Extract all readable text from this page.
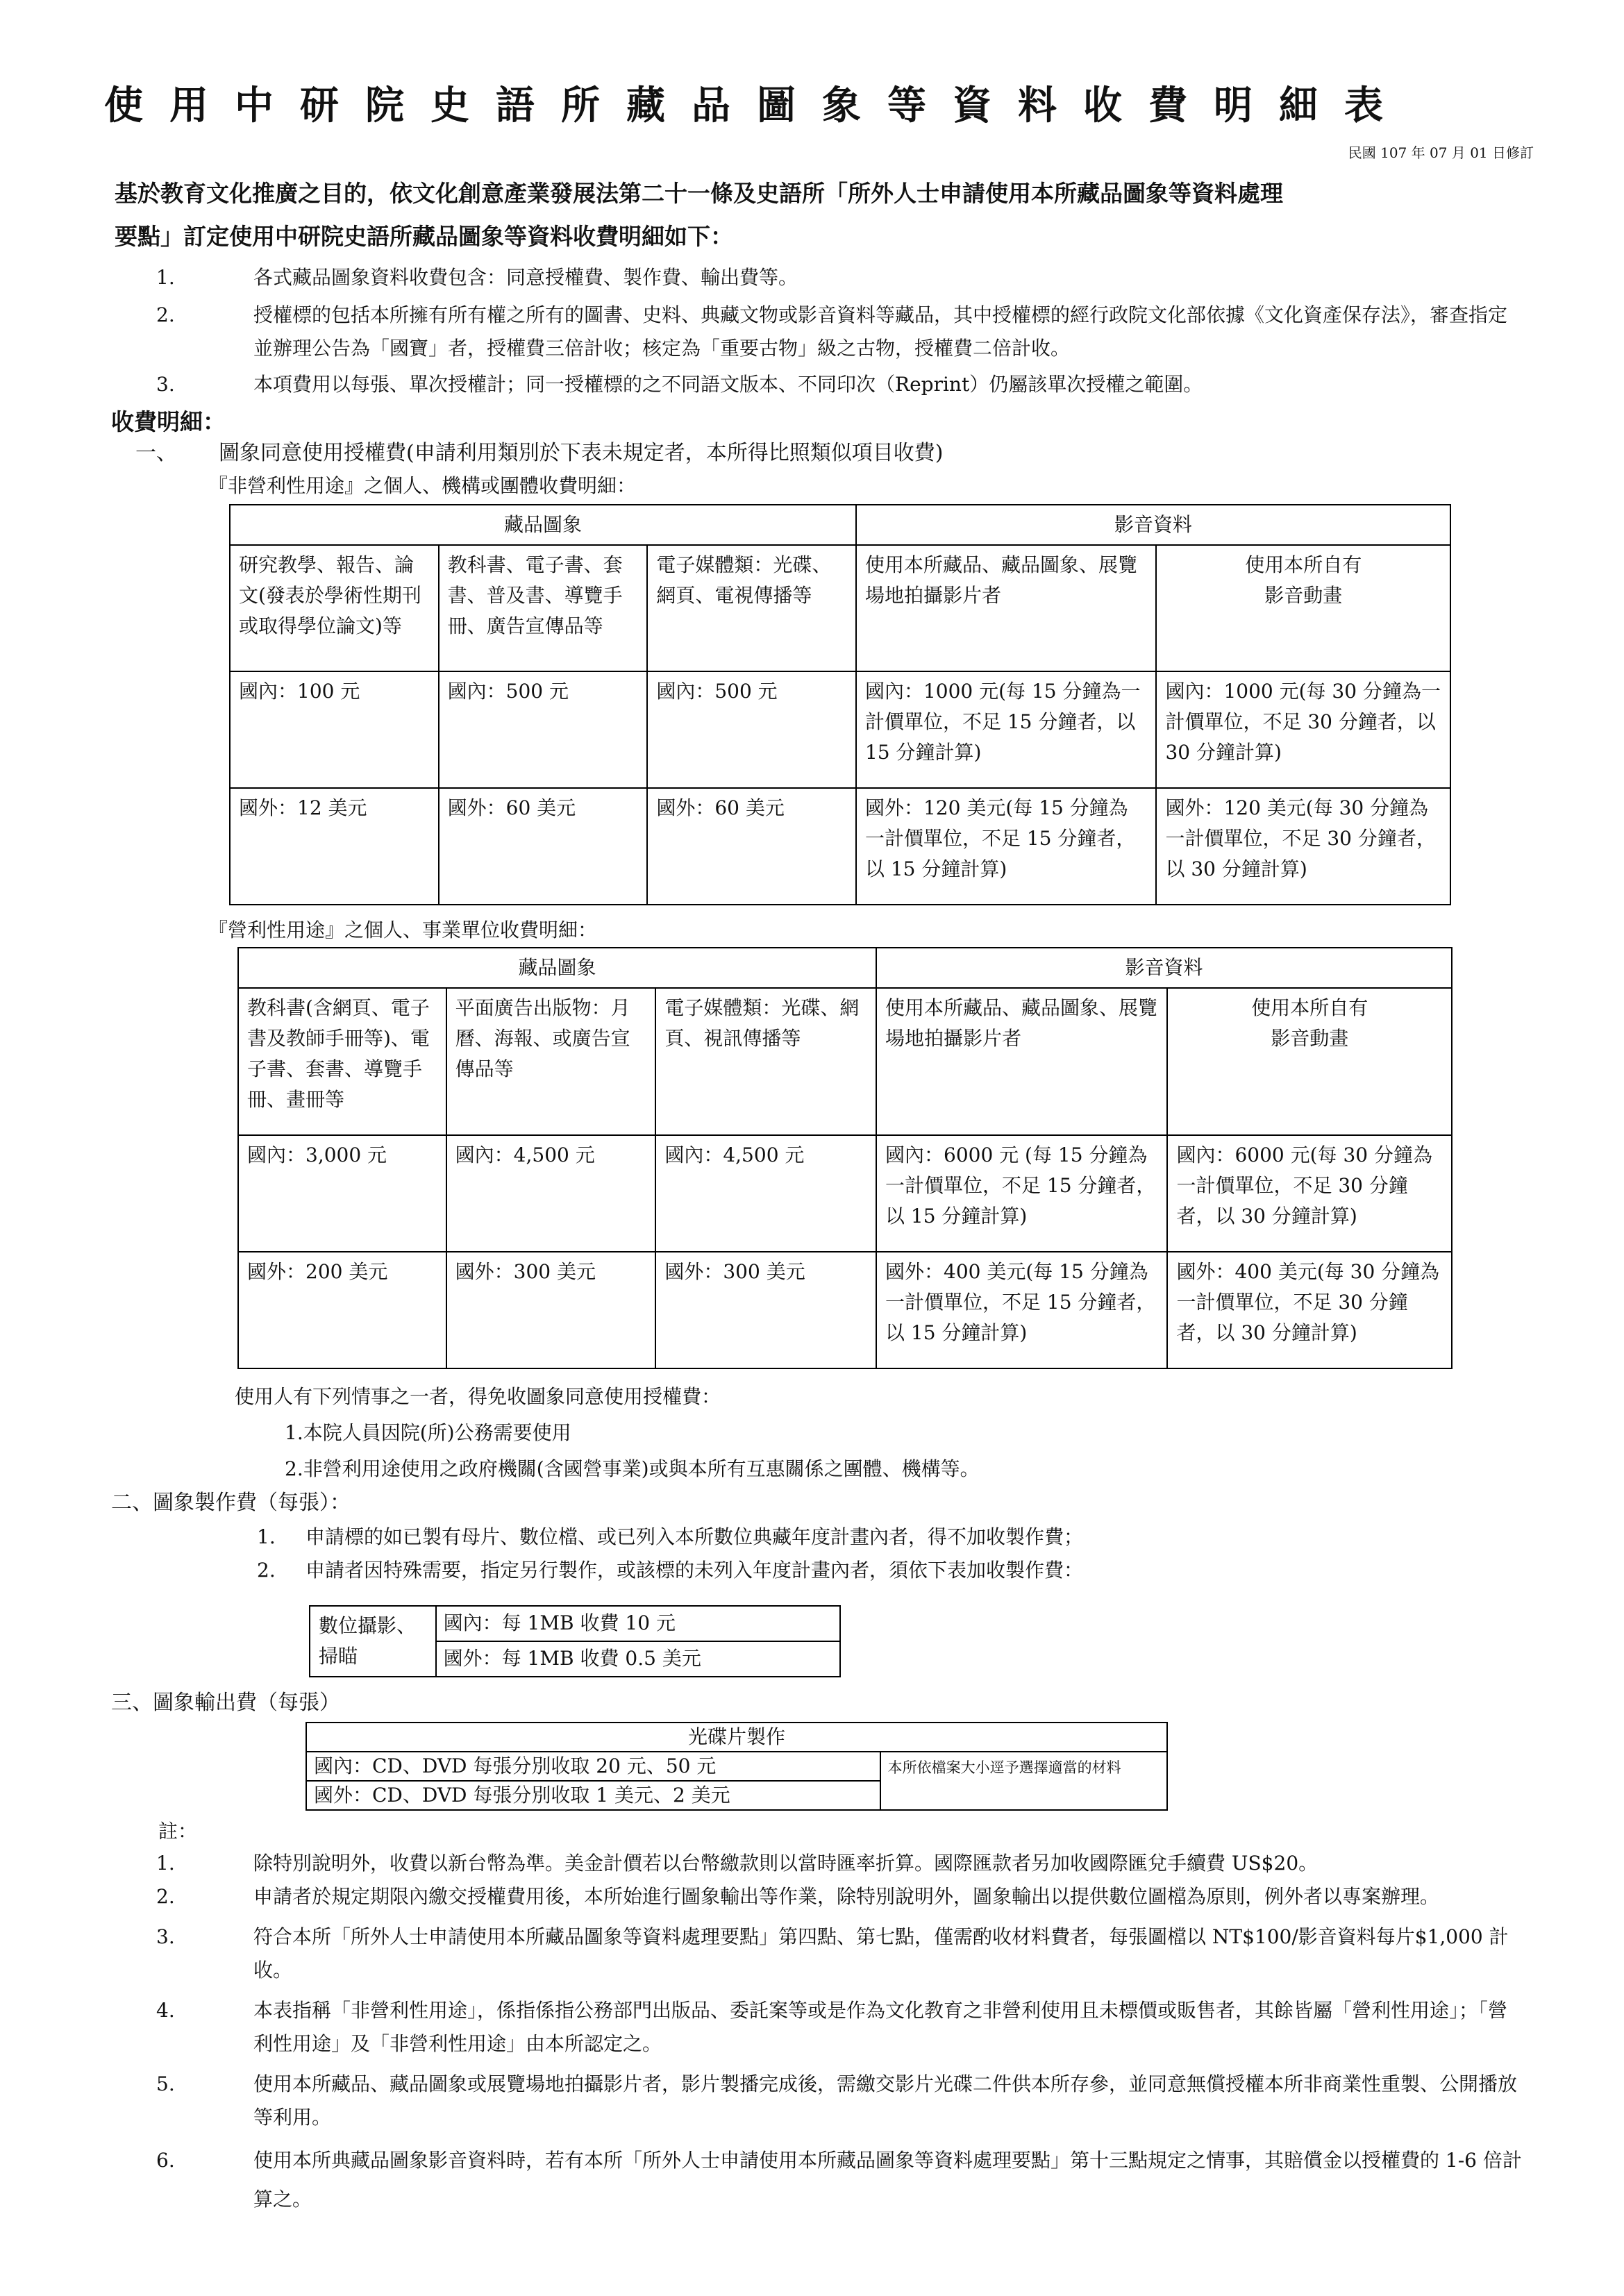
使用中研院史語所藏品圖象等資料收費明細表
民國 107 年 07 月 01 日修訂
基於教育文化推廣之目的，依文化創意產業發展法第二十一條及史語所「所外人士申請使用本所藏品圖象等資料處理
要點」訂定使用中研院史語所藏品圖象等資料收費明細如下：
1.	各式藏品圖象資料收費包含：同意授權費、製作費、輸出費等。
2.	授權標的包括本所擁有所有權之所有的圖書、史料、典藏文物或影音資料等藏品，其中授權標的經行政院文化部依據《文化資產保存法》，審查指定並辦理公告為「國寶」者，授權費三倍計收；核定為「重要古物」級之古物，授權費二倍計收。
3.	本項費用以每張、單次授權計；同一授權標的之不同語文版本、不同印次（Reprint）仍屬該單次授權之範圍。
收費明細：
一、 圖象同意使用授權費(申請利用類別於下表未規定者，本所得比照類似項目收費)
『非營利性用途』之個人、機構或團體收費明細：
藏品圖象			影音資料	
研究教學、報告、論文(發表於學術性期刊或取得學位論文)等	教科書、電子書、套書、普及書、導覽手冊、廣告宣傳品等	電子媒體類：光碟、網頁、電視傳播等	使用本所藏品、藏品圖象、展覽場地拍攝影片者	使用本所自有
影音動畫
國內：100 元	國內：500 元	國內：500 元	國內：1000 元(每 15 分鐘為一計價單位，不足 15 分鐘者，以 15 分鐘計算)	國內：1000 元(每 30 分鐘為一計價單位，不足 30 分鐘者，以 30 分鐘計算)
國外：12 美元	國外：60 美元	國外：60 美元	國外：120 美元(每 15 分鐘為一計價單位，不足 15 分鐘者，以 15 分鐘計算)	國外：120 美元(每 30 分鐘為一計價單位，不足 30 分鐘者，以 30 分鐘計算)
『營利性用途』之個人、事業單位收費明細：
藏品圖象			影音資料	
教科書(含網頁、電子書及教師手冊等)、電子書、套書、導覽手冊、畫冊等	平面廣告出版物：月曆、海報、或廣告宣傳品等	電子媒體類：光碟、網頁、視訊傳播等	使用本所藏品、藏品圖象、展覽場地拍攝影片者	使用本所自有
影音動畫
國內：3,000 元	國內：4,500 元	國內：4,500 元	國內：6000 元 (每 15 分鐘為一計價單位，不足 15 分鐘者，以 15 分鐘計算)	國內：6000 元(每 30 分鐘為一計價單位，不足 30 分鐘者，以 30 分鐘計算)
國外：200 美元	國外：300 美元	國外：300 美元	國外：400 美元(每 15 分鐘為一計價單位，不足 15 分鐘者，以 15 分鐘計算)	國外：400 美元(每 30 分鐘為一計價單位，不足 30 分鐘者，以 30 分鐘計算)
使用人有下列情事之一者，得免收圖象同意使用授權費：
1.本院人員因院(所)公務需要使用
2.非營利用途使用之政府機關(含國營事業)或與本所有互惠關係之團體、機構等。
二、圖象製作費（每張）：
1. 申請標的如已製有母片、數位檔、或已列入本所數位典藏年度計畫內者，得不加收製作費；
2. 申請者因特殊需要，指定另行製作，或該標的未列入年度計畫內者，須依下表加收製作費：
數位攝影、掃瞄	國內：每 1MB 收費 10 元
國外：每 1MB 收費 0.5 美元
三、圖象輸出費（每張）
光碟片製作
國內：CD、DVD 每張分別收取 20 元、50 元	本所依檔案大小逕予選擇適當的材料
國外：CD、DVD 每張分別收取 1 美元、2 美元
註：
1.	除特別說明外，收費以新台幣為準。美金計價若以台幣繳款則以當時匯率折算。國際匯款者另加收國際匯兌手續費 US$20。
2.	申請者於規定期限內繳交授權費用後，本所始進行圖象輸出等作業，除特別說明外，圖象輸出以提供數位圖檔為原則，例外者以專案辦理。
3.	符合本所「所外人士申請使用本所藏品圖象等資料處理要點」第四點、第七點，僅需酌收材料費者，每張圖檔以 NT$100/影音資料每片$1,000 計收。
4.	本表指稱「非營利性用途」，係指係指公務部門出版品、委託案等或是作為文化教育之非營利使用且未標價或販售者，其餘皆屬「營利性用途」；「營利性用途」及「非營利性用途」由本所認定之。
5.	使用本所藏品、藏品圖象或展覽場地拍攝影片者，影片製播完成後，需繳交影片光碟二件供本所存參，並同意無償授權本所非商業性重製、公開播放等利用。
6.	使用本所典藏品圖象影音資料時，若有本所「所外人士申請使用本所藏品圖象等資料處理要點」第十三點規定之情事，其賠償金以授權費的 1-6 倍計算之。
